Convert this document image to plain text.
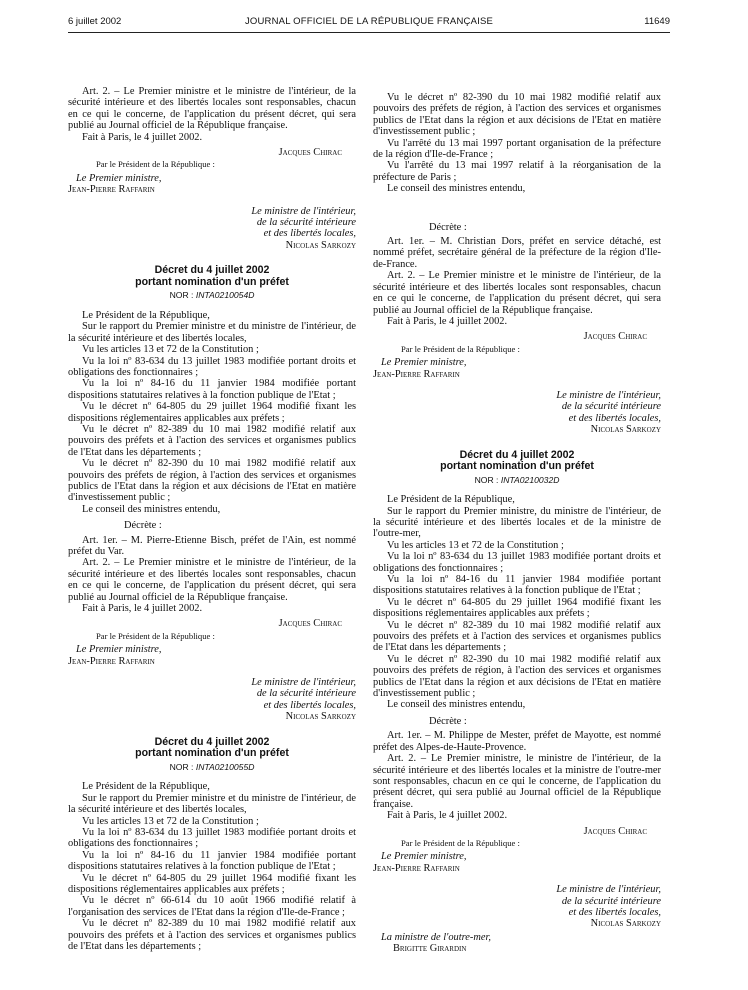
6 juillet 2002	JOURNAL OFFICIEL DE LA RÉPUBLIQUE FRANÇAISE	11649

Art. 2. – Le Premier ministre et le ministre de l'intérieur, de la sécurité intérieure et des libertés locales sont responsables, chacun en ce qui le concerne, de l'application du présent décret, qui sera publié au Journal officiel de la République française.

Fait à Paris, le 4 juillet 2002.

Jacques Chirac

Par le Président de la République :

Le Premier ministre,

Jean-Pierre Raffarin

Le ministre de l'intérieur,
de la sécurité intérieure
et des libertés locales,
Nicolas Sarkozy
Décret du 4 juillet 2002
portant nomination d'un préfet
NOR : INTA0210054D

Le Président de la République,

Sur le rapport du Premier ministre et du ministre de l'intérieur, de la sécurité intérieure et des libertés locales,

Vu les articles 13 et 72 de la Constitution ;

Vu la loi nº 83-634 du 13 juillet 1983 modifiée portant droits et obligations des fonctionnaires ;

Vu la loi nº 84-16 du 11 janvier 1984 modifiée portant dispositions statutaires relatives à la fonction publique de l'Etat ;

Vu le décret nº 64-805 du 29 juillet 1964 modifié fixant les dispositions réglementaires applicables aux préfets ;

Vu le décret nº 82-389 du 10 mai 1982 modifié relatif aux pouvoirs des préfets et à l'action des services et organismes publics de l'Etat dans les départements ;

Vu le décret nº 82-390 du 10 mai 1982 modifié relatif aux pouvoirs des préfets de région, à l'action des services et organismes publics de l'Etat dans la région et aux décisions de l'Etat en matière d'investissement public ;

Le conseil des ministres entendu,

Décrète :

Art. 1er. – M. Pierre-Etienne Bisch, préfet de l'Ain, est nommé préfet du Var.

Art. 2. – Le Premier ministre et le ministre de l'intérieur, de la sécurité intérieure et des libertés locales sont responsables, chacun en ce qui le concerne, de l'application du présent décret, qui sera publié au Journal officiel de la République française.

Fait à Paris, le 4 juillet 2002.

Jacques Chirac

Par le Président de la République :

Le Premier ministre,

Jean-Pierre Raffarin

Le ministre de l'intérieur,
de la sécurité intérieure
et des libertés locales,
Nicolas Sarkozy
Décret du 4 juillet 2002
portant nomination d'un préfet
NOR : INTA0210055D

Le Président de la République,

Sur le rapport du Premier ministre et du ministre de l'intérieur, de la sécurité intérieure et des libertés locales,

Vu les articles 13 et 72 de la Constitution ;

Vu la loi nº 83-634 du 13 juillet 1983 modifiée portant droits et obligations des fonctionnaires ;

Vu la loi nº 84-16 du 11 janvier 1984 modifiée portant dispositions statutaires relatives à la fonction publique de l'Etat ;

Vu le décret nº 64-805 du 29 juillet 1964 modifié fixant les dispositions réglementaires applicables aux préfets ;

Vu le décret nº 66-614 du 10 août 1966 modifié relatif à l'organisation des services de l'Etat dans la région d'Ile-de-France ;

Vu le décret nº 82-389 du 10 mai 1982 modifié relatif aux pouvoirs des préfets et à l'action des services et organismes publics de l'Etat dans les départements ;

Vu le décret nº 82-390 du 10 mai 1982 modifié relatif aux pouvoirs des préfets de région, à l'action des services et organismes publics de l'Etat dans la région et aux décisions de l'Etat en matière d'investissement public ;

Vu l'arrêté du 13 mai 1997 portant organisation de la préfecture de la région d'Ile-de-France ;

Vu l'arrêté du 13 mai 1997 relatif à la réorganisation de la préfecture de Paris ;

Le conseil des ministres entendu,

Décrète :

Art. 1er. – M. Christian Dors, préfet en service détaché, est nommé préfet, secrétaire général de la préfecture de la région d'Ile-de-France.

Art. 2. – Le Premier ministre et le ministre de l'intérieur, de la sécurité intérieure et des libertés locales sont responsables, chacun en ce qui le concerne, de l'application du présent décret, qui sera publié au Journal officiel de la République française.

Fait à Paris, le 4 juillet 2002.

Jacques Chirac

Par le Président de la République :

Le Premier ministre,

Jean-Pierre Raffarin

Le ministre de l'intérieur,
de la sécurité intérieure
et des libertés locales,
Nicolas Sarkozy
Décret du 4 juillet 2002
portant nomination d'un préfet
NOR : INTA0210032D

Le Président de la République,

Sur le rapport du Premier ministre, du ministre de l'intérieur, de la sécurité intérieure et des libertés locales et de la ministre de l'outre-mer,

Vu les articles 13 et 72 de la Constitution ;

Vu la loi nº 83-634 du 13 juillet 1983 modifiée portant droits et obligations des fonctionnaires ;

Vu la loi nº 84-16 du 11 janvier 1984 modifiée portant dispositions statutaires relatives à la fonction publique de l'Etat ;

Vu le décret nº 64-805 du 29 juillet 1964 modifié fixant les dispositions réglementaires applicables aux préfets ;

Vu le décret nº 82-389 du 10 mai 1982 modifié relatif aux pouvoirs des préfets et à l'action des services et organismes publics de l'Etat dans les départements ;

Vu le décret nº 82-390 du 10 mai 1982 modifié relatif aux pouvoirs des préfets de région, à l'action des services et organismes publics de l'Etat dans la région et aux décisions de l'Etat en matière d'investissement public ;

Le conseil des ministres entendu,

Décrète :

Art. 1er. – M. Philippe de Mester, préfet de Mayotte, est nommé préfet des Alpes-de-Haute-Provence.

Art. 2. – Le Premier ministre, le ministre de l'intérieur, de la sécurité intérieure et des libertés locales et la ministre de l'outre-mer sont responsables, chacun en ce qui le concerne, de l'application du présent décret, qui sera publié au Journal officiel de la République française.

Fait à Paris, le 4 juillet 2002.

Jacques Chirac

Par le Président de la République :

Le Premier ministre,

Jean-Pierre Raffarin

Le ministre de l'intérieur,
de la sécurité intérieure
et des libertés locales,
Nicolas Sarkozy

La ministre de l'outre-mer,

Brigitte Girardin
